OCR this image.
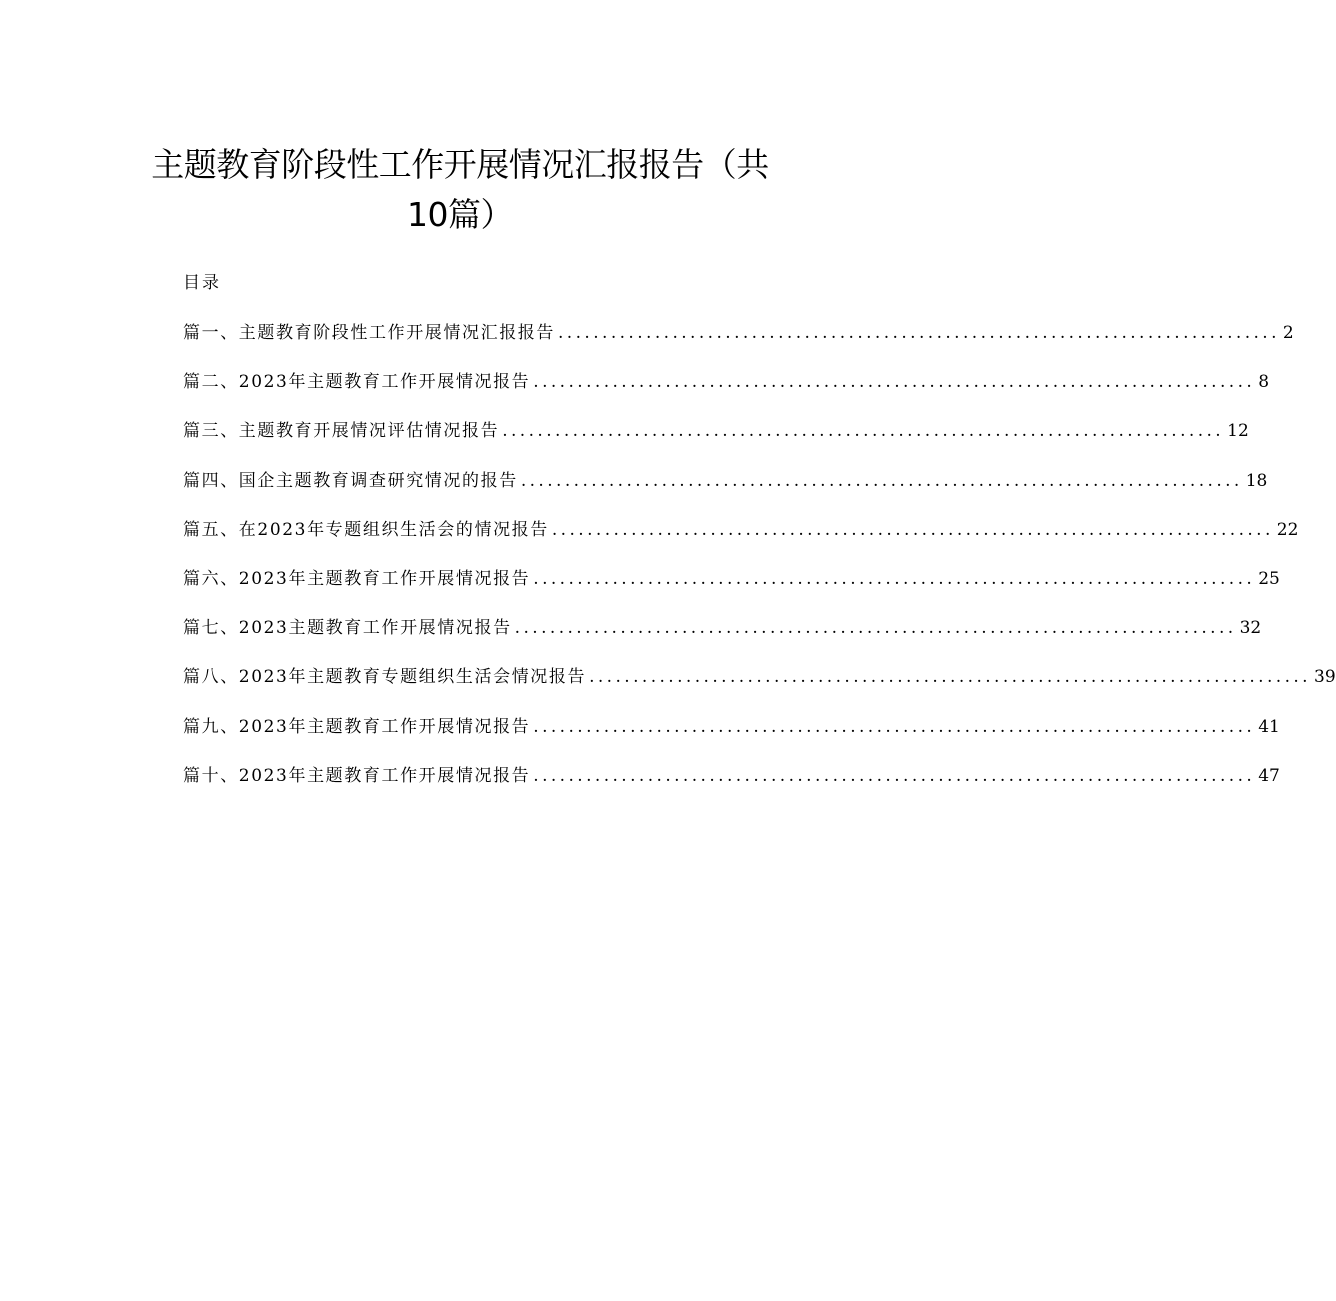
主题教育阶段性工作开展情况汇报报告（共
10篇）
目录
篇一、主题教育阶段性工作开展情况汇报报告 .................................................................................. 2
篇二、2023年主题教育工作开展情况报告 .................................................................................. 8
篇三、主题教育开展情况评估情况报告 .................................................................................. 12
篇四、国企主题教育调查研究情况的报告 .................................................................................. 18
篇五、在2023年专题组织生活会的情况报告 .................................................................................. 22
篇六、2023年主题教育工作开展情况报告 .................................................................................. 25
篇七、2023主题教育工作开展情况报告 .................................................................................. 32
篇八、2023年主题教育专题组织生活会情况报告 .................................................................................. 39
篇九、2023年主题教育工作开展情况报告 .................................................................................. 41
篇十、2023年主题教育工作开展情况报告 .................................................................................. 47
